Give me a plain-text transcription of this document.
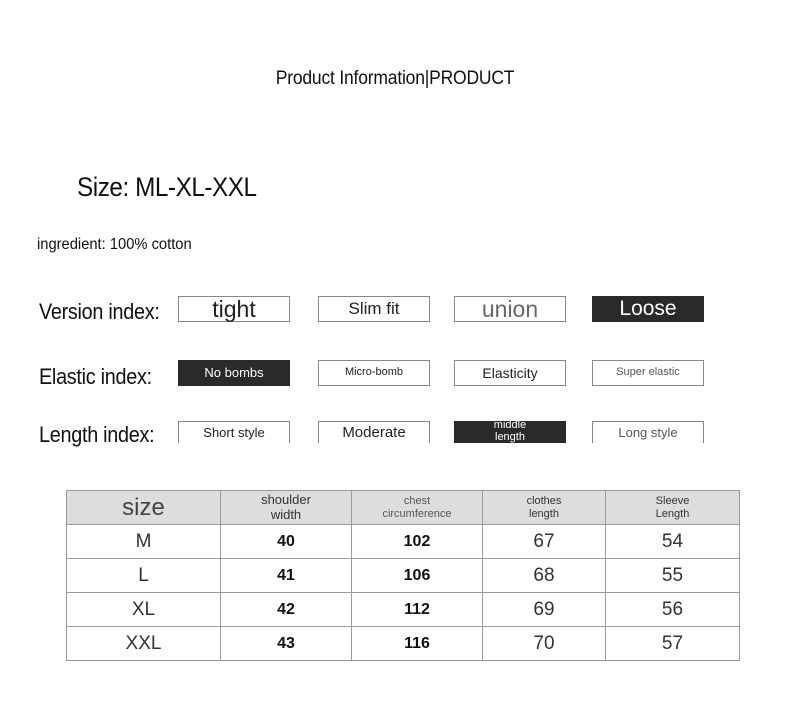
Product Information|PRODUCT
Size: ML-XL-XXL
ingredient: 100% cotton
Version index:	tight	Slim fit	union	Loose
Elastic index:	No bombs	Micro-bomb	Elasticity	Super elastic
Length index:	Short style	Moderate	middle length	Long style
size	shoulder width	chest circumference	clothes length	Sleeve Length
M	40	102	67	54
L	41	106	68	55
XL	42	112	69	56
XXL	43	116	70	57
